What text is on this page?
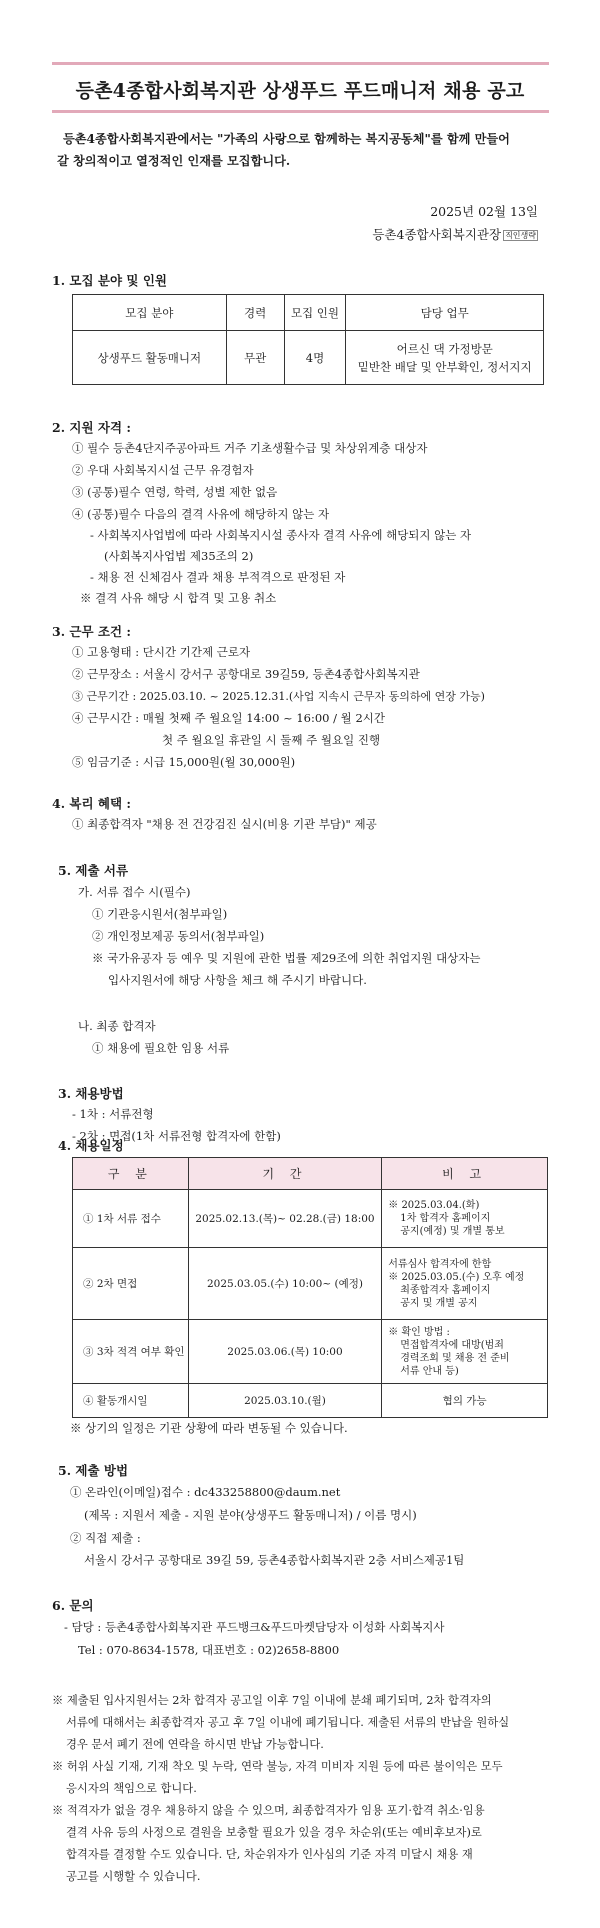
등촌4종합사회복지관 상생푸드 푸드매니저 채용 공고
등촌4종합사회복지관에서는 "가족의 사랑으로 함께하는 복지공동체"를 함께 만들어
갈 창의적이고 열정적인 인재를 모집합니다.
2025년 02월 13일
등촌4종합사회복지관장 직인생략
1. 모집 분야 및 인원
모집 분야	경력	모집 인원	담당 업무
상생푸드 활동매니저	무관	4명	어르신 댁 가정방문
밑반찬 배달 및 안부확인, 정서지지
2. 지원 자격 :
① 필수 등촌4단지주공아파트 거주 기초생활수급 및 차상위계층 대상자
② 우대 사회복지시설 근무 유경험자
③ (공통)필수 연령, 학력, 성별 제한 없음
④ (공통)필수 다음의 결격 사유에 해당하지 않는 자
- 사회복지사업법에 따라 사회복지시설 종사자 결격 사유에 해당되지 않는 자
(사회복지사업법 제35조의 2)
- 채용 전 신체검사 결과 채용 부적격으로 판정된 자
※ 결격 사유 해당 시 합격 및 고용 취소
3. 근무 조건 :
① 고용형태 : 단시간 기간제 근로자
② 근무장소 : 서울시 강서구 공항대로 39길59, 등촌4종합사회복지관
③ 근무기간 : 2025.03.10. ~ 2025.12.31.(사업 지속시 근무자 동의하에 연장 가능)
④ 근무시간 : 매월 첫째 주 월요일 14:00 ~ 16:00 / 월 2시간
첫 주 월요일 휴관일 시 둘째 주 월요일 진행
⑤ 임금기준 : 시급 15,000원(월 30,000원)
4. 복리 혜택 :
① 최종합격자 "채용 전 건강검진 실시(비용 기관 부담)" 제공
5. 제출 서류
가. 서류 접수 시(필수)
① 기관응시원서(첨부파일)
② 개인정보제공 동의서(첨부파일)
※ 국가유공자 등 예우 및 지원에 관한 법률 제29조에 의한 취업지원 대상자는
입사지원서에 해당 사항을 체크 해 주시기 바랍니다.
나. 최종 합격자
① 채용에 필요한 임용 서류
3. 채용방법
- 1차 : 서류전형
- 2차 : 면접(1차 서류전형 합격자에 한함)
4. 채용일정
구 분	기 간	비 고
① 1차 서류 접수	2025.02.13.(목)~ 02.28.(금) 18:00	※ 2025.03.04.(화)
1차 합격자 홈페이지
공지(예정) 및 개별 통보

② 2차 면접	2025.03.05.(수) 10:00~ (예정)	서류심사 합격자에 한함
※ 2025.03.05.(수) 오후 예정
최종합격자 홈페이지
공지 및 개별 공지

③ 3차 적격 여부 확인	2025.03.06.(목) 10:00	※ 확인 방법 :
면접합격자에 대방(범죄
경력조회 및 채용 전 준비
서류 안내 등)

④ 활동개시일	2025.03.10.(월)	협의 가능
※ 상기의 일정은 기관 상황에 따라 변동될 수 있습니다.
5. 제출 방법
① 온라인(이메일)접수 : dc433258800@daum.net
(제목 : 지원서 제출 - 지원 분야(상생푸드 활동매니저) / 이름 명시)
② 직접 제출 :
서울시 강서구 공항대로 39길 59, 등촌4종합사회복지관 2층 서비스제공1팀
6. 문의
- 담당 : 등촌4종합사회복지관 푸드뱅크&푸드마켓담당자 이성화 사회복지사
Tel : 070-8634-1578, 대표번호 : 02)2658-8800
※ 제출된 입사지원서는 2차 합격자 공고일 이후 7일 이내에 분쇄 폐기되며, 2차 합격자의
서류에 대해서는 최종합격자 공고 후 7일 이내에 폐기됩니다. 제출된 서류의 반납을 원하실
경우 문서 폐기 전에 연락을 하시면 반납 가능합니다.
※ 허위 사실 기재, 기재 착오 및 누락, 연락 불능, 자격 미비자 지원 등에 따른 불이익은 모두
응시자의 책임으로 합니다.
※ 적격자가 없을 경우 채용하지 않을 수 있으며, 최종합격자가 임용 포기·합격 취소·임용
결격 사유 등의 사정으로 결원을 보충할 필요가 있을 경우 차순위(또는 예비후보자)로
합격자를 결정할 수도 있습니다. 단, 차순위자가 인사심의 기준 자격 미달시 채용 재
공고를 시행할 수 있습니다.
